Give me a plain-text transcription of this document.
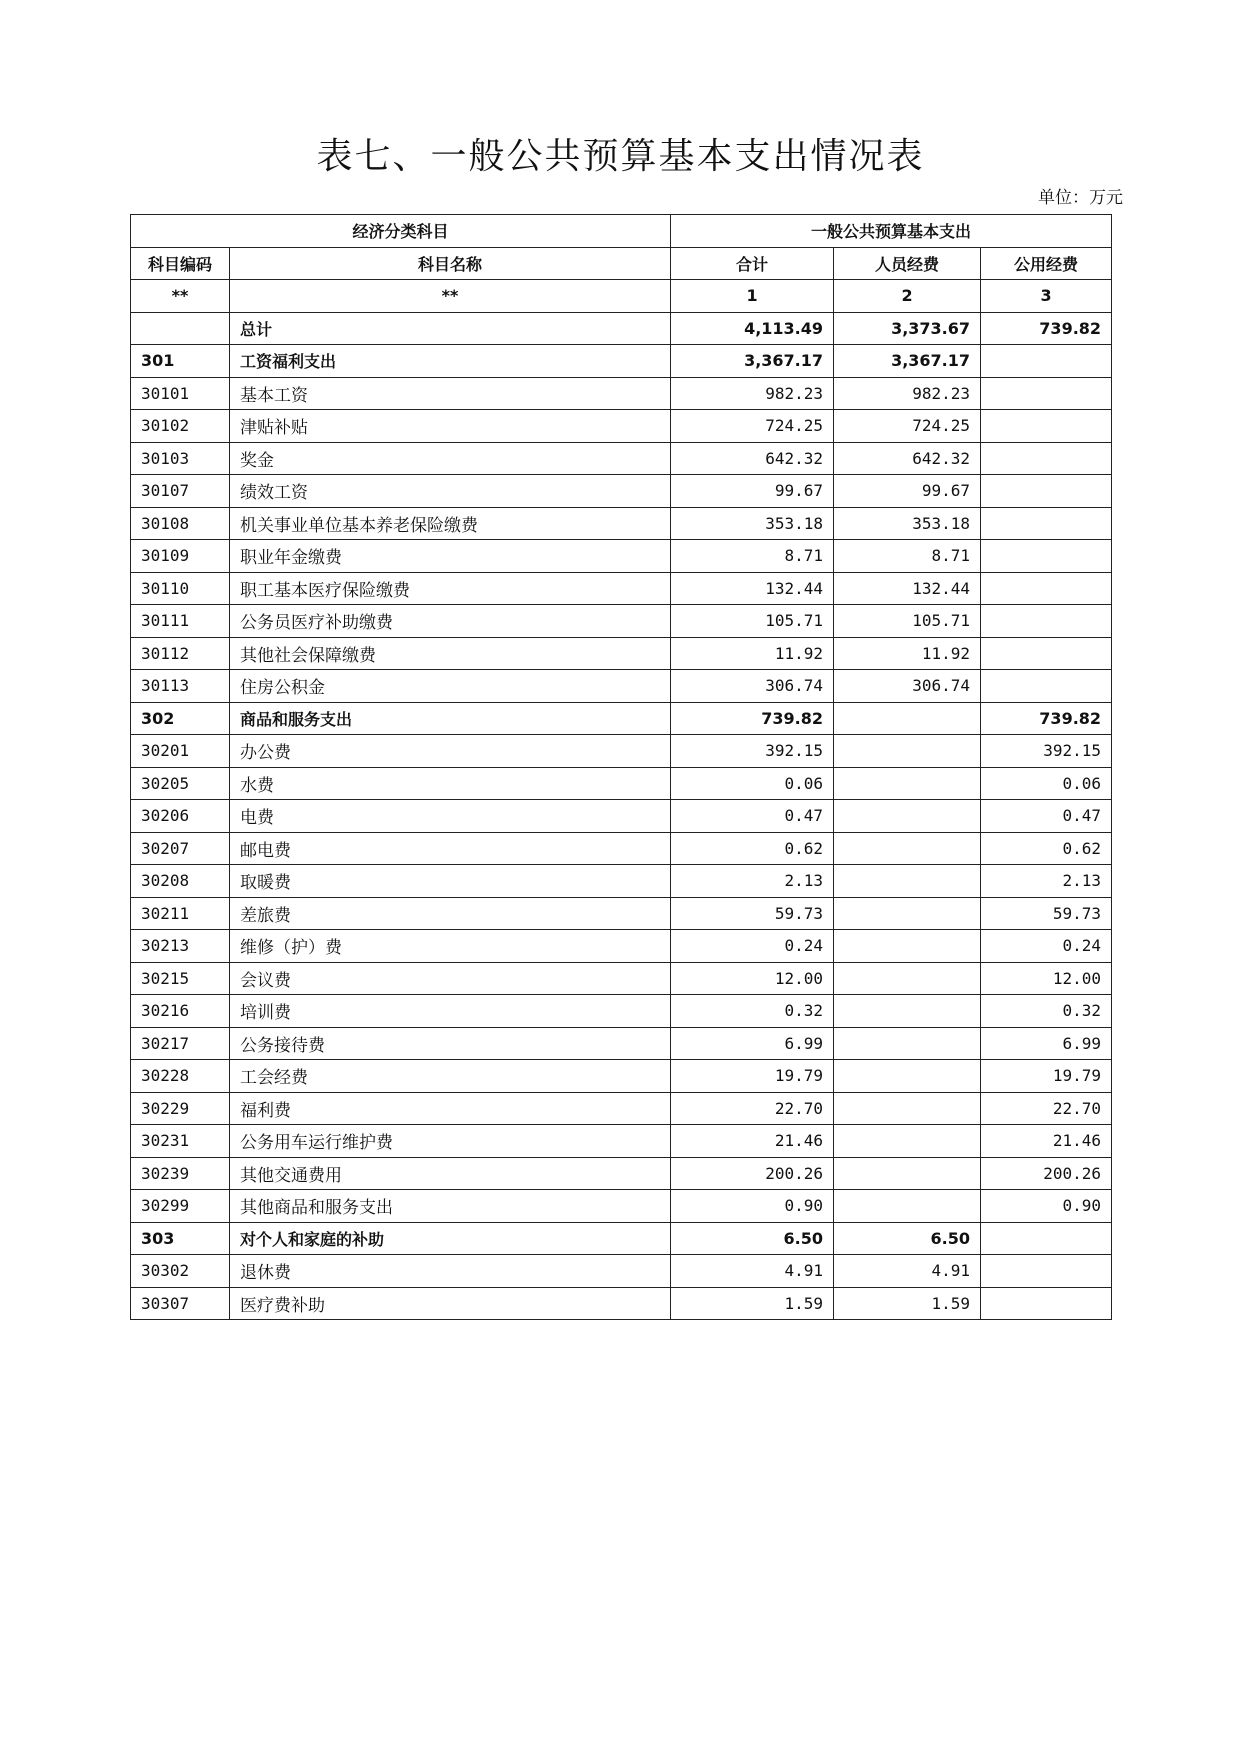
表七、一般公共预算基本支出情况表
单位：万元
经济分类科目		一般公共预算基本支出		
科目编码	科目名称	合计	人员经费	公用经费
**	**	1	2	3
	总计	4,113.49	3,373.67	739.82
301	工资福利支出	3,367.17	3,367.17	
30101	基本工资	982.23	982.23	
30102	津贴补贴	724.25	724.25	
30103	奖金	642.32	642.32	
30107	绩效工资	99.67	99.67	
30108	机关事业单位基本养老保险缴费	353.18	353.18	
30109	职业年金缴费	8.71	8.71	
30110	职工基本医疗保险缴费	132.44	132.44	
30111	公务员医疗补助缴费	105.71	105.71	
30112	其他社会保障缴费	11.92	11.92	
30113	住房公积金	306.74	306.74	
302	商品和服务支出	739.82		739.82
30201	办公费	392.15		392.15
30205	水费	0.06		0.06
30206	电费	0.47		0.47
30207	邮电费	0.62		0.62
30208	取暖费	2.13		2.13
30211	差旅费	59.73		59.73
30213	维修（护）费	0.24		0.24
30215	会议费	12.00		12.00
30216	培训费	0.32		0.32
30217	公务接待费	6.99		6.99
30228	工会经费	19.79		19.79
30229	福利费	22.70		22.70
30231	公务用车运行维护费	21.46		21.46
30239	其他交通费用	200.26		200.26
30299	其他商品和服务支出	0.90		0.90
303	对个人和家庭的补助	6.50	6.50	
30302	退休费	4.91	4.91	
30307	医疗费补助	1.59	1.59	
